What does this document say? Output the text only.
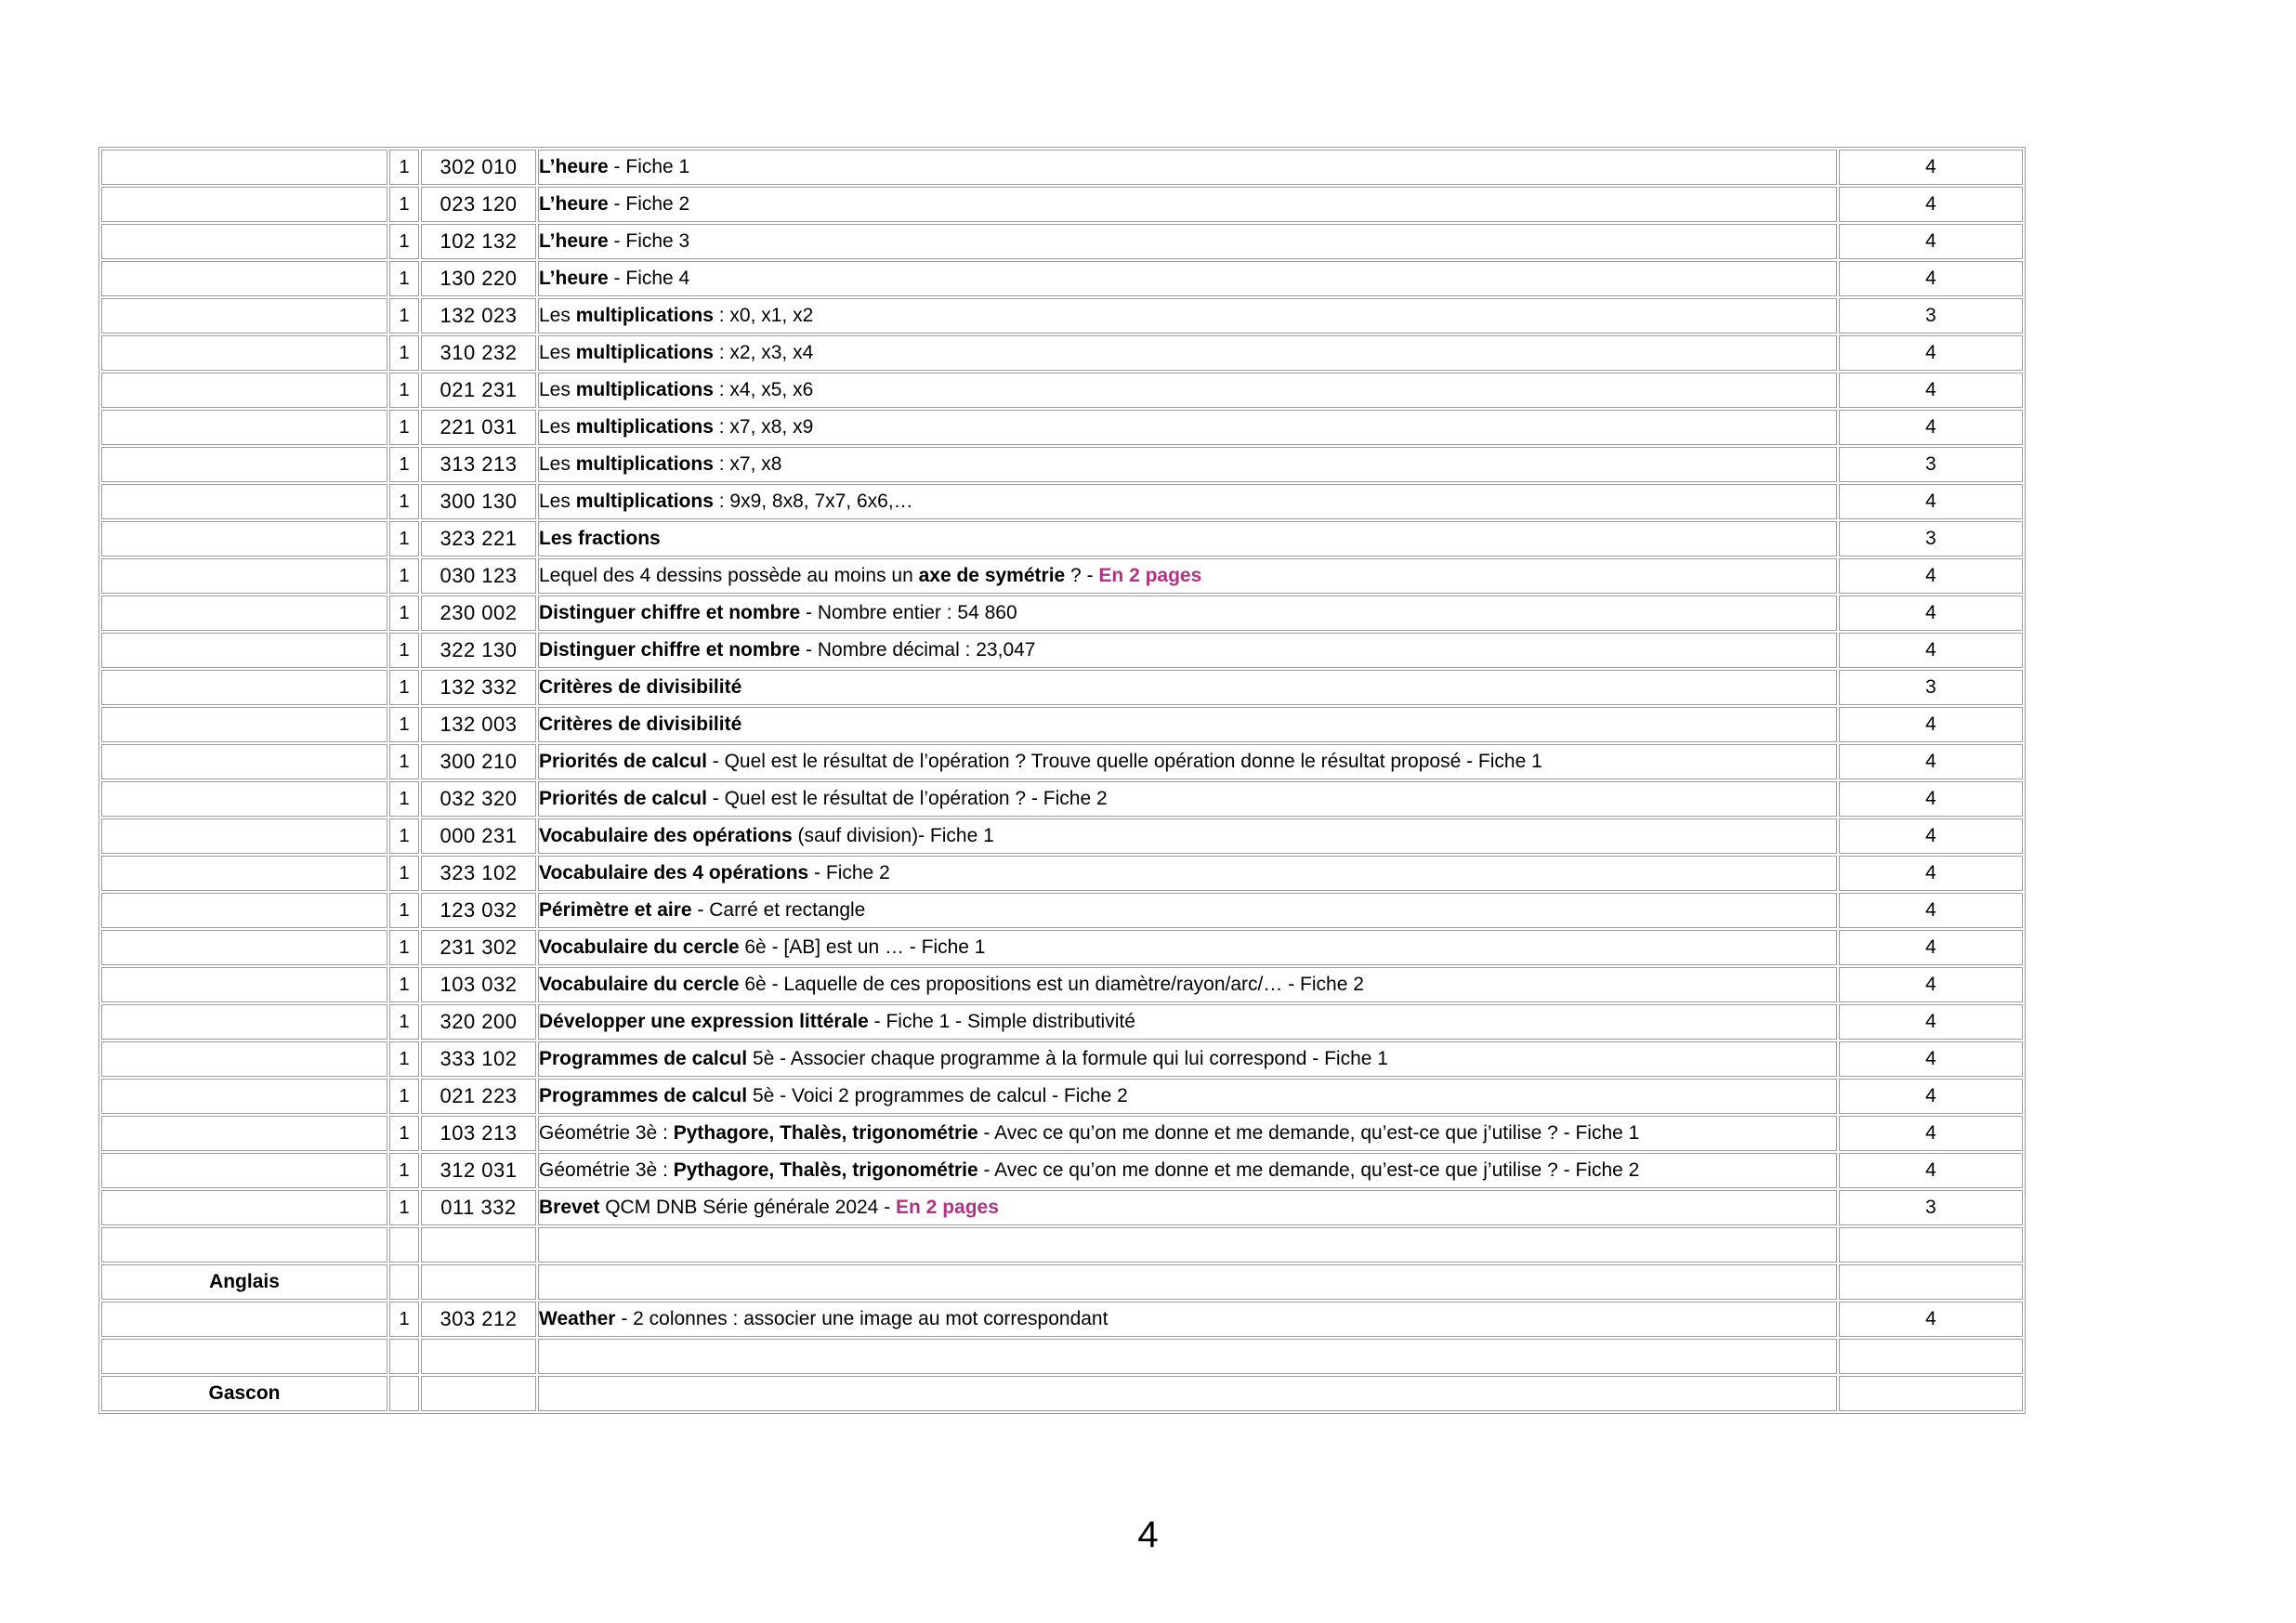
	1	302 010	L’heure - Fiche 1	4
	1	023 120	L’heure - Fiche 2	4
	1	102 132	L’heure - Fiche 3	4
	1	130 220	L’heure - Fiche 4	4
	1	132 023	Les multiplications : x0, x1, x2	3
	1	310 232	Les multiplications : x2, x3, x4	4
	1	021 231	Les multiplications : x4, x5, x6	4
	1	221 031	Les multiplications : x7, x8, x9	4
	1	313 213	Les multiplications : x7, x8	3
	1	300 130	Les multiplications : 9x9, 8x8, 7x7, 6x6,…	4
	1	323 221	Les fractions	3
	1	030 123	Lequel des 4 dessins possède au moins un axe de symétrie ? - En 2 pages	4
	1	230 002	Distinguer chiffre et nombre - Nombre entier : 54 860	4
	1	322 130	Distinguer chiffre et nombre - Nombre décimal : 23,047	4
	1	132 332	Critères de divisibilité	3
	1	132 003	Critères de divisibilité	4
	1	300 210	Priorités de calcul - Quel est le résultat de l’opération ? Trouve quelle opération donne le résultat proposé - Fiche 1	4
	1	032 320	Priorités de calcul - Quel est le résultat de l’opération ? - Fiche 2	4
	1	000 231	Vocabulaire des opérations (sauf division)- Fiche 1	4
	1	323 102	Vocabulaire des 4 opérations - Fiche 2	4
	1	123 032	Périmètre et aire - Carré et rectangle	4
	1	231 302	Vocabulaire du cercle 6è - [AB] est un … - Fiche 1	4
	1	103 032	Vocabulaire du cercle 6è - Laquelle de ces propositions est un diamètre/rayon/arc/… - Fiche 2	4
	1	320 200	Développer une expression littérale - Fiche 1 - Simple distributivité	4
	1	333 102	Programmes de calcul 5è - Associer chaque programme à la formule qui lui correspond - Fiche 1	4
	1	021 223	Programmes de calcul 5è - Voici 2 programmes de calcul - Fiche 2	4
	1	103 213	Géométrie 3è : Pythagore, Thalès, trigonométrie - Avec ce qu’on me donne et me demande, qu’est-ce que j’utilise ? - Fiche 1	4
	1	312 031	Géométrie 3è : Pythagore, Thalès, trigonométrie - Avec ce qu’on me donne et me demande, qu’est-ce que j’utilise ? - Fiche 2	4
	1	011 332	Brevet QCM DNB Série générale 2024 - En 2 pages	3

Anglais				
	1	303 212	Weather - 2 colonnes : associer une image au mot correspondant	4

Gascon				
4
